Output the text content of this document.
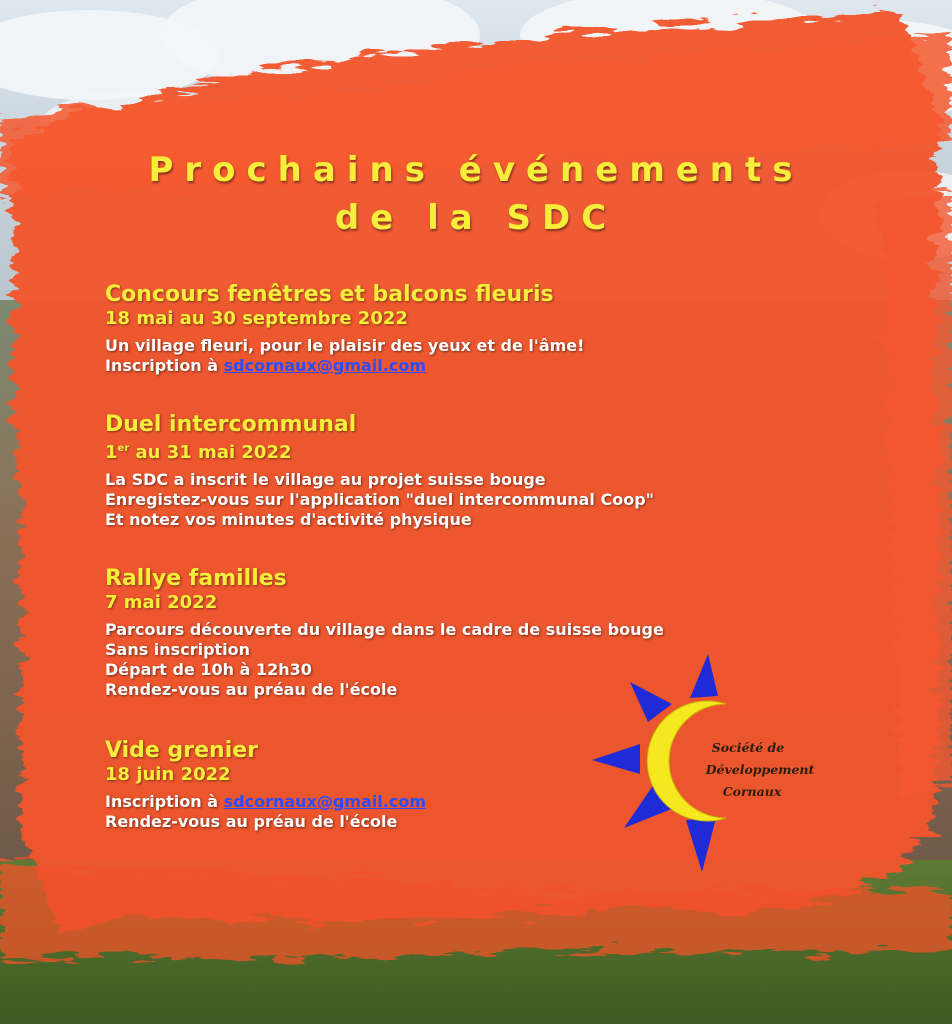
Prochains événements
de la SDC
Concours fenêtres et balcons fleuris
18 mai au 30 septembre 2022
Un village fleuri, pour le plaisir des yeux et de l'âme!
Inscription à sdcornaux@gmail.com
Duel intercommunal
1er au 31 mai 2022
La SDC a inscrit le village au projet suisse bouge
Enregistez-vous sur l'application "duel intercommunal Coop"
Et notez vos minutes d'activité physique
Rallye familles
7 mai 2022
Parcours découverte du village dans le cadre de suisse bouge
Sans inscription
Départ de 10h à 12h30
Rendez-vous au préau de l'école
Vide grenier
18 juin 2022
Inscription à sdcornaux@gmail.com
Rendez-vous au préau de l'école
Société de
Développement
Cornaux
